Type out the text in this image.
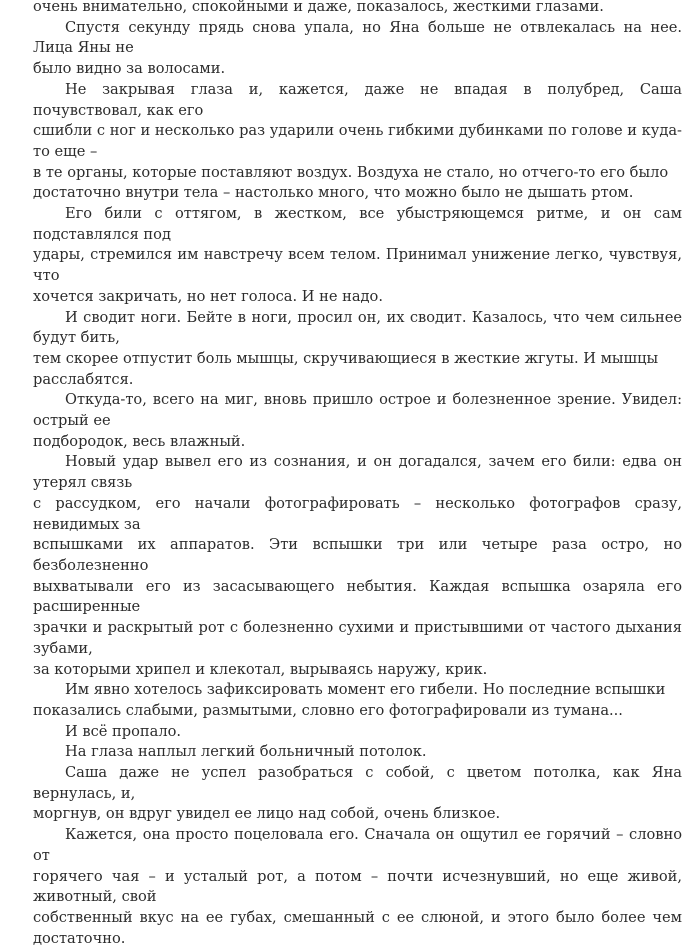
очень внимательно, спокойными и даже, показалось, жесткими глазами.

Спустя секунду прядь снова упала, но Яна больше не отвлекалась на нее. Лица Яны не
было видно за волосами.

Не закрывая глаза и, кажется, даже не впадая в полубред, Саша почувствовал, как его
сшибли с ног и несколько раз ударили очень гибкими дубинками по голове и куда-то еще –
в те органы, которые поставляют воздух. Воздуха не стало, но отчего-то его было
достаточно внутри тела – настолько много, что можно было не дышать ртом.

Его били с оттягом, в жестком, все убыстряющемся ритме, и он сам подставлялся под
удары, стремился им навстречу всем телом. Принимал унижение легко, чувствуя, что
хочется закричать, но нет голоса. И не надо.

И сводит ноги. Бейте в ноги, просил он, их сводит. Казалось, что чем сильнее будут бить,
тем скорее отпустит боль мышцы, скручивающиеся в жесткие жгуты. И мышцы
расслабятся.

Откуда-то, всего на миг, вновь пришло острое и болезненное зрение. Увидел: острый ее
подбородок, весь влажный.

Новый удар вывел его из сознания, и он догадался, зачем его били: едва он утерял связь
с рассудком, его начали фотографировать – несколько фотографов сразу, невидимых за
вспышками их аппаратов. Эти вспышки три или четыре раза остро, но безболезненно
выхватывали его из засасывающего небытия. Каждая вспышка озаряла его расширенные
зрачки и раскрытый рот с болезненно сухими и пристывшими от частого дыхания зубами,
за которыми хрипел и клекотал, вырываясь наружу, крик.

Им явно хотелось зафиксировать момент его гибели. Но последние вспышки
показались слабыми, размытыми, словно его фотографировали из тумана...

И всё пропало.

На глаза наплыл легкий больничный потолок.

Саша даже не успел разобраться с собой, с цветом потолка, как Яна вернулась, и,
моргнув, он вдруг увидел ее лицо над собой, очень близкое.

Кажется, она просто поцеловала его. Сначала он ощутил ее горячий – словно от
горячего чая – и усталый рот, а потом – почти исчезнувший, но еще живой, животный, свой
собственный вкус на ее губах, смешанный с ее слюной, и этого было более чем достаточно.
